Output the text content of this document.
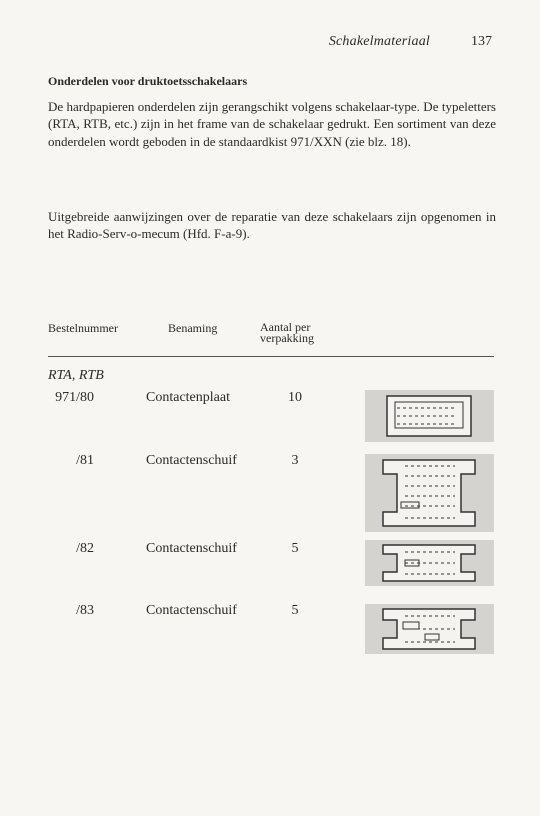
Schakelmateriaal	137
Onderdelen voor druktoetsschakelaars

De hardpapieren onderdelen zijn gerangschikt volgens schakelaar-type. De typeletters (RTA, RTB, etc.) zijn in het frame van de schakelaar gedrukt. Een sortiment van deze onderdelen wordt geboden in de standaardkist 971/XXN (zie blz. 18).

Uitgebreide aanwijzingen over de reparatie van deze schakelaars zijn opgenomen in het Radio-Serv-o-mecum (Hfd. F-a-9).

Bestelnummer	Benaming	Aantal per
verpakking
RTA, RTB
971/80	Contactenplaat	10
/81	Contactenschuif	3
/82	Contactenschuif	5
/83	Contactenschuif	5
